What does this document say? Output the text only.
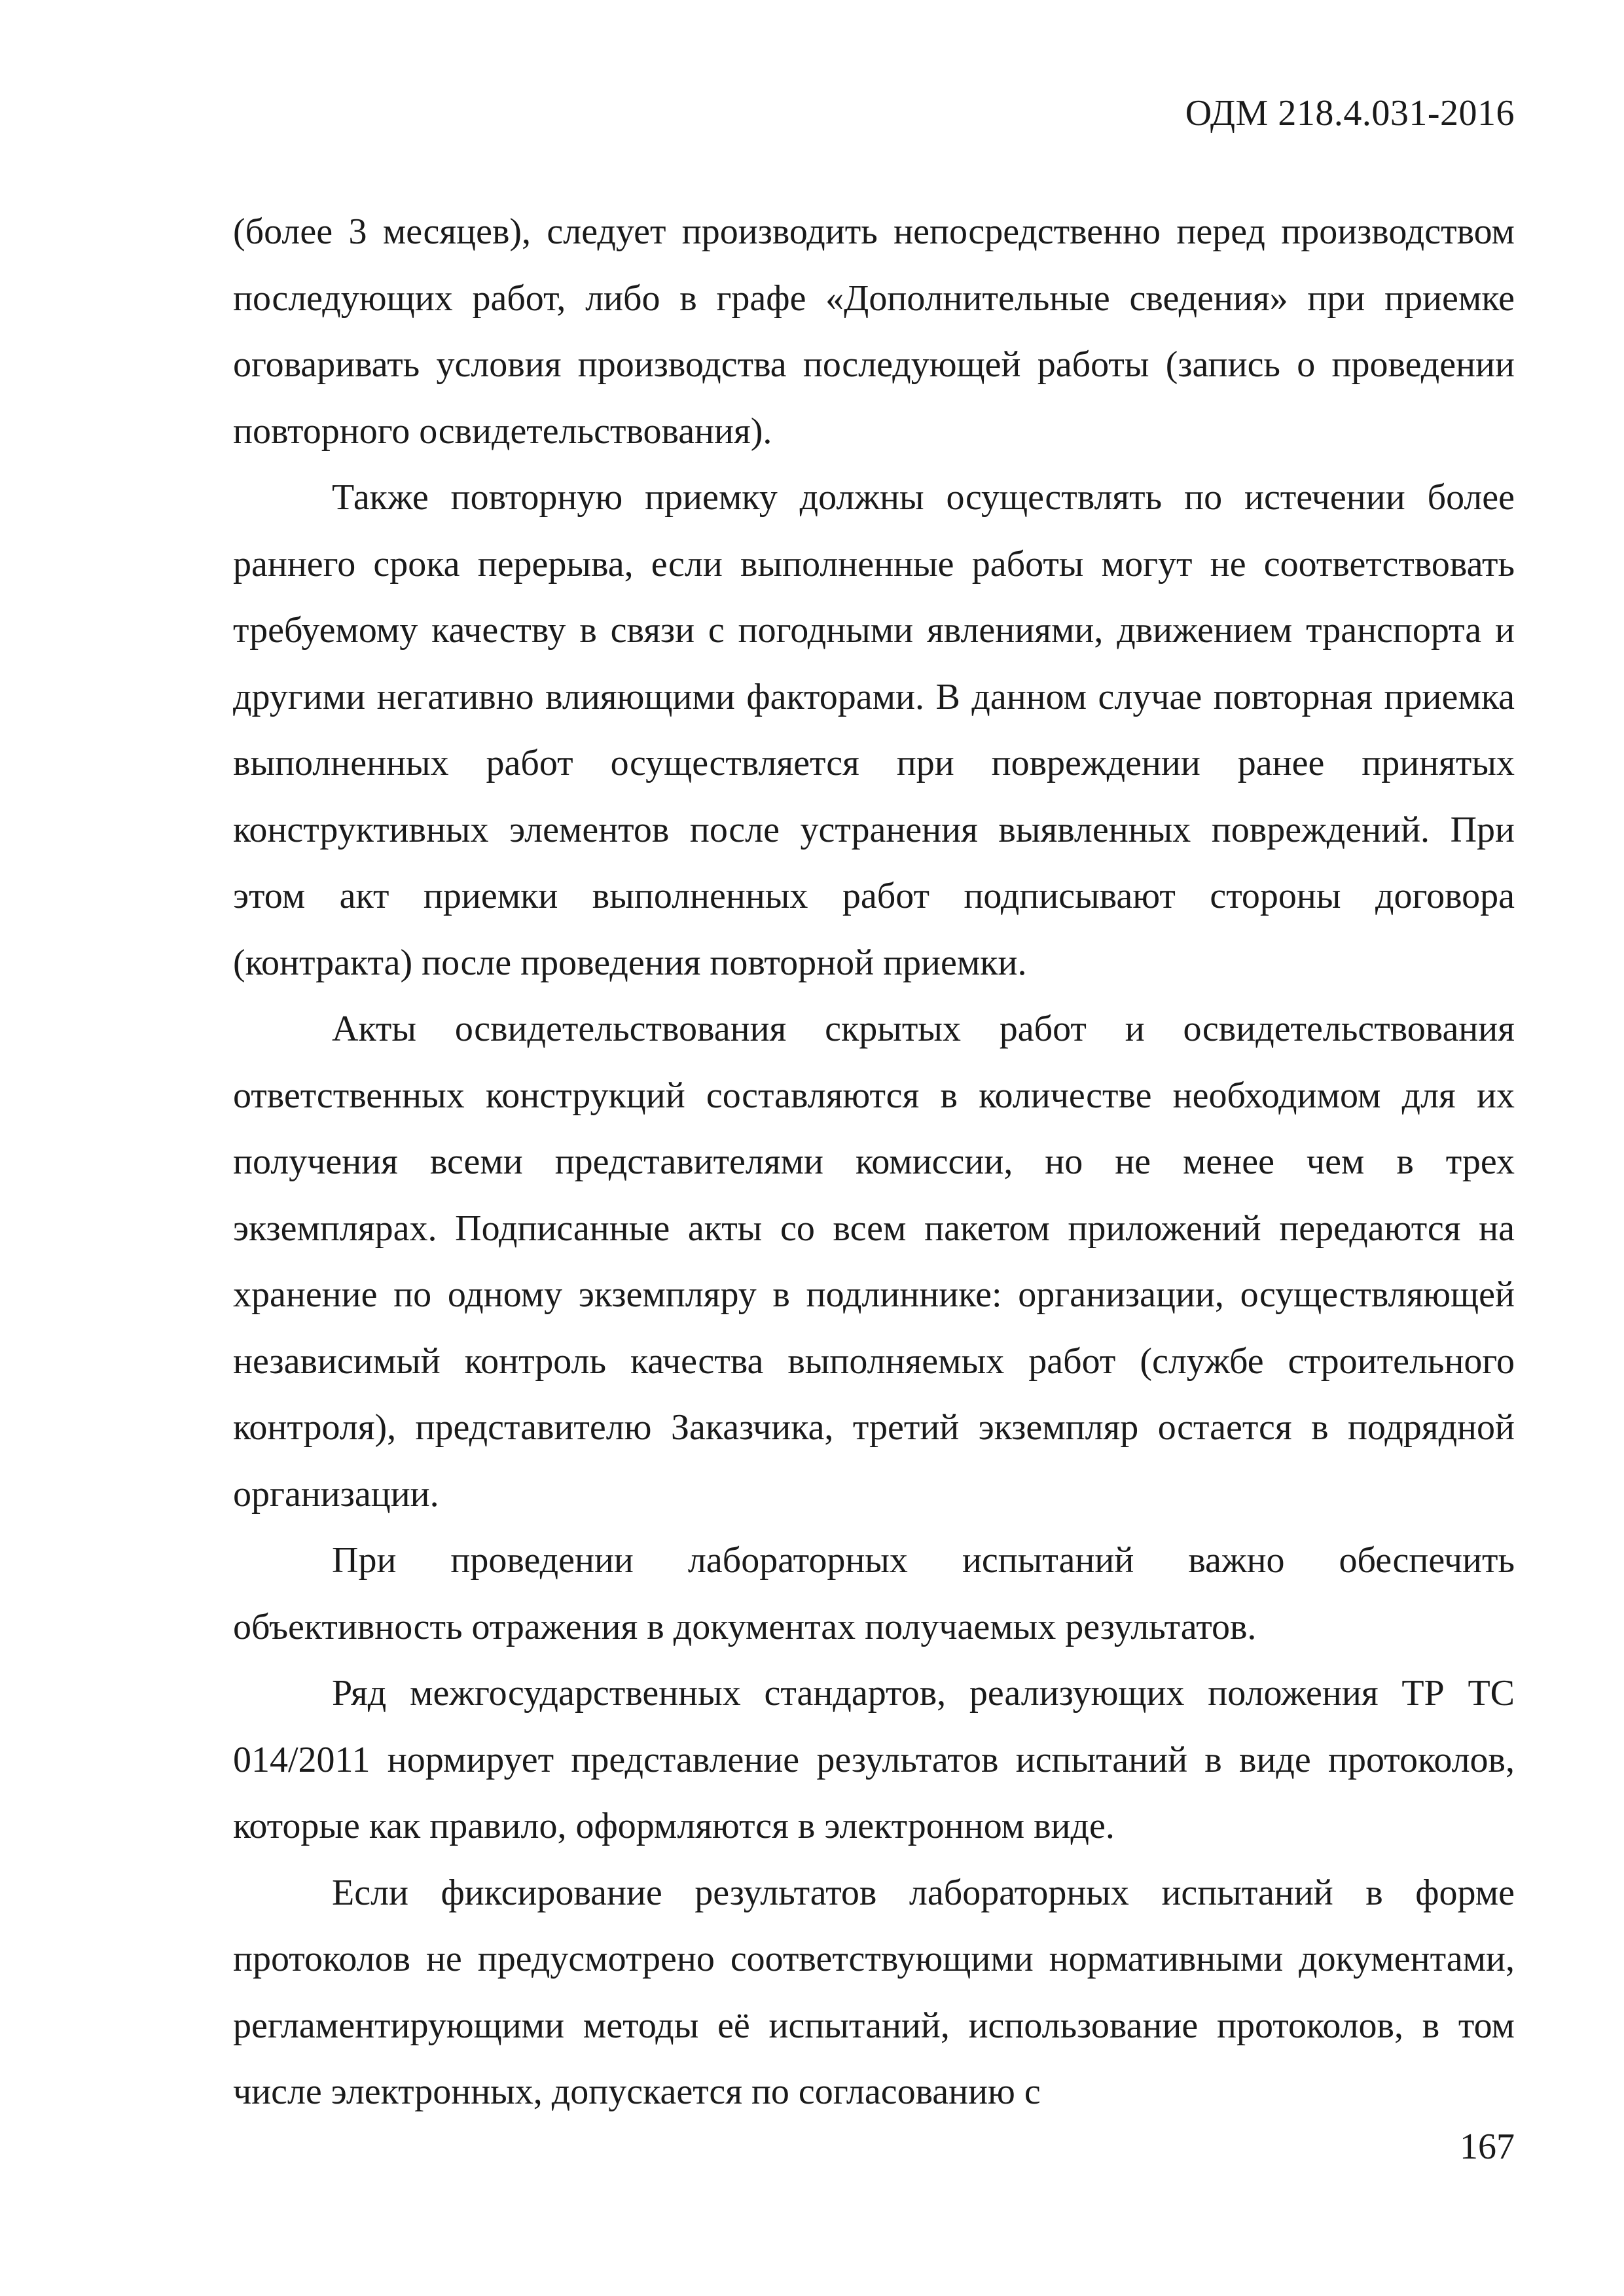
ОДМ 218.4.031-2016

(более 3 месяцев), следует производить непосредственно перед производством последующих работ, либо в графе «Дополнительные сведения» при приемке оговаривать условия производства последующей работы (запись о проведении повторного освидетельствования).

Также повторную приемку должны осуществлять по истечении более раннего срока перерыва, если выполненные работы могут не соответствовать требуемому качеству в связи с погодными явлениями, движением транспорта и другими негативно влияющими факторами. В данном случае повторная приемка выполненных работ осуществляется при повреждении ранее принятых конструктивных элементов после устранения выявленных повреждений. При этом акт приемки выполненных работ подписывают стороны договора (контракта) после проведения повторной приемки.

Акты освидетельствования скрытых работ и освидетельствования ответственных конструкций составляются в количестве необходимом для их получения всеми представителями комиссии, но не менее чем в трех экземплярах. Подписанные акты со всем пакетом приложений передаются на хранение по одному экземпляру в подлиннике: организации, осуществляющей независимый контроль качества выполняемых работ (службе строительного контроля), представителю Заказчика, третий экземпляр остается в подрядной организации.

При проведении лабораторных испытаний важно обеспечить объективность отражения в документах получаемых результатов.

Ряд межгосударственных стандартов, реализующих положения ТР ТС 014/2011 нормирует представление результатов испытаний в виде протоколов, которые как правило, оформляются в электронном виде.

Если фиксирование результатов лабораторных испытаний в форме протоколов не предусмотрено соответствующими нормативными документами, регламентирующими методы её испытаний, использование протоколов, в том числе электронных, допускается по согласованию с

167
